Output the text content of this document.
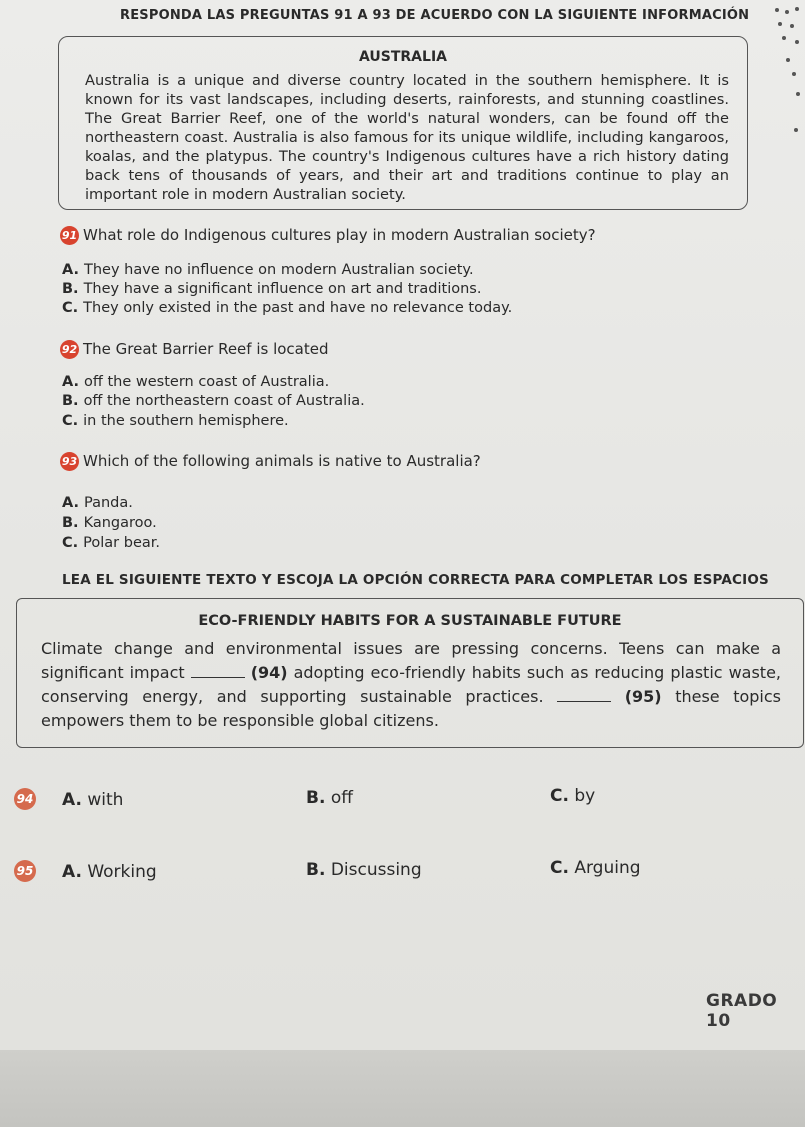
RESPONDA LAS PREGUNTAS 91 A 93 DE ACUERDO CON LA SIGUIENTE INFORMACIÓN
AUSTRALIA
Australia is a unique and diverse country located in the southern hemisphere. It is known for its vast landscapes, including deserts, rainforests, and stunning coastlines. The Great Barrier Reef, one of the world's natural wonders, can be found off the northeastern coast. Australia is also famous for its unique wildlife, including kangaroos, koalas, and the platypus. The country's Indigenous cultures have a rich history dating back tens of thousands of years, and their art and traditions continue to play an important role in modern Australian society.
91 What role do Indigenous cultures play in modern Australian society?
A. They have no influence on modern Australian society.
B. They have a significant influence on art and traditions.
C. They only existed in the past and have no relevance today.
92 The Great Barrier Reef is located
A. off the western coast of Australia.
B. off the northeastern coast of Australia.
C. in the southern hemisphere.
93 Which of the following animals is native to Australia?
A. Panda.
B. Kangaroo.
C. Polar bear.
LEA EL SIGUIENTE TEXTO Y ESCOJA LA OPCIÓN CORRECTA PARA COMPLETAR LOS ESPACIOS
ECO-FRIENDLY HABITS FOR A SUSTAINABLE FUTURE
Climate change and environmental issues are pressing concerns. Teens can make a significant impact	(94) adopting eco-friendly habits such as reducing plastic waste, conserving energy, and supporting sustainable practices.	(95) these topics empowers them to be responsible global citizens.
94	A. with	B. off	C. by
95	A. Working	B. Discussing	C. Arguing
GRADO 10
